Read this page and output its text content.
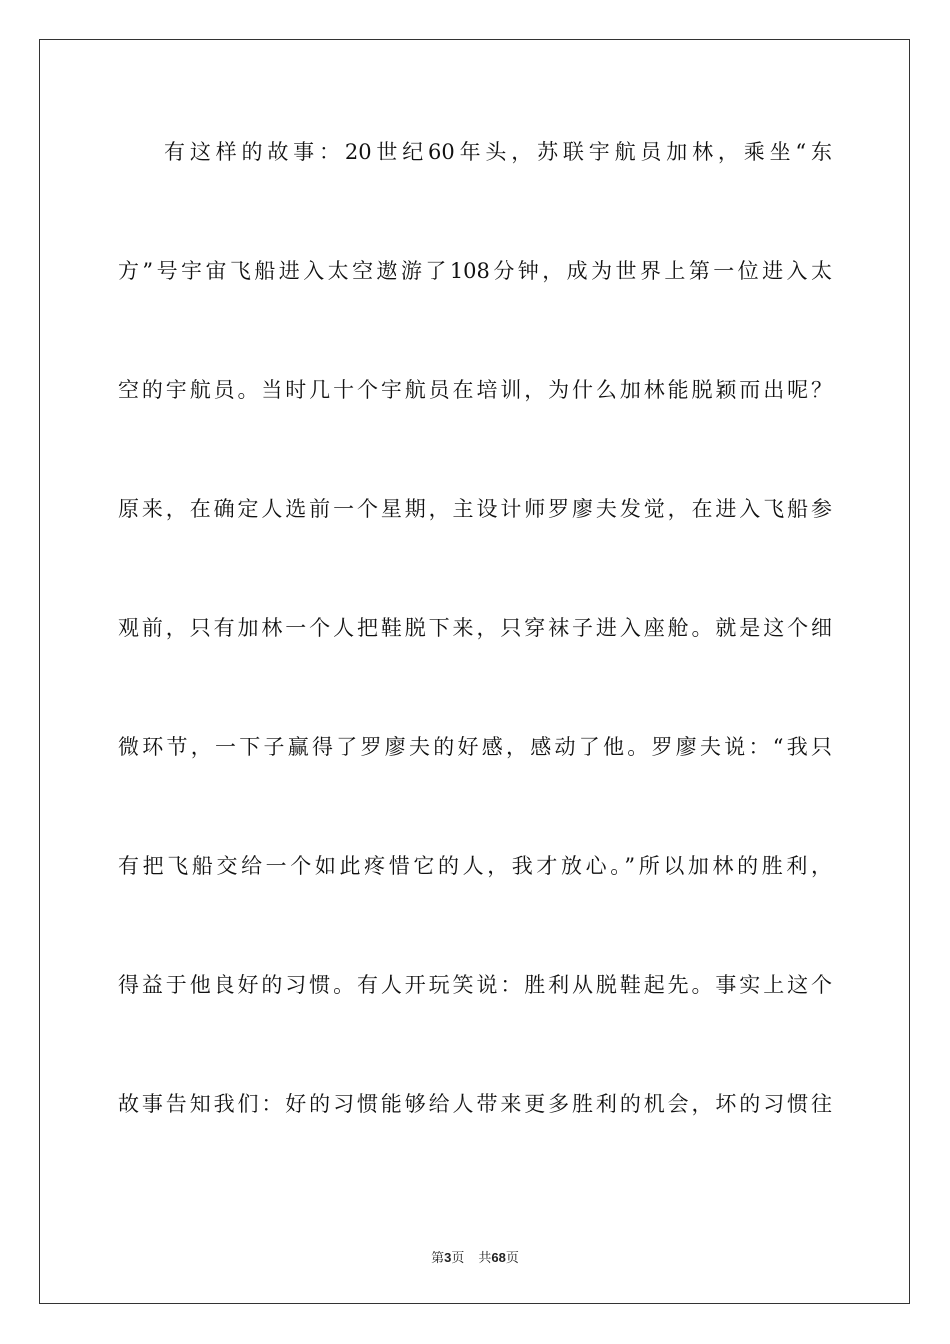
有这样的故事：20世纪60年头，苏联宇航员加林，乘坐“东
方”号宇宙飞船进入太空遨游了108分钟，成为世界上第一位进入太
空的宇航员。当时几十个宇航员在培训，为什么加林能脱颖而出呢？
原来，在确定人选前一个星期，主设计师罗廖夫发觉，在进入飞船参
观前，只有加林一个人把鞋脱下来，只穿袜子进入座舱。就是这个细
微环节，一下子赢得了罗廖夫的好感，感动了他。罗廖夫说：“我只
有把飞船交给一个如此疼惜它的人，我才放心。”所以加林的胜利，
得益于他良好的习惯。有人开玩笑说：胜利从脱鞋起先。事实上这个
故事告知我们：好的习惯能够给人带来更多胜利的机会，坏的习惯往
第3页 共68页
